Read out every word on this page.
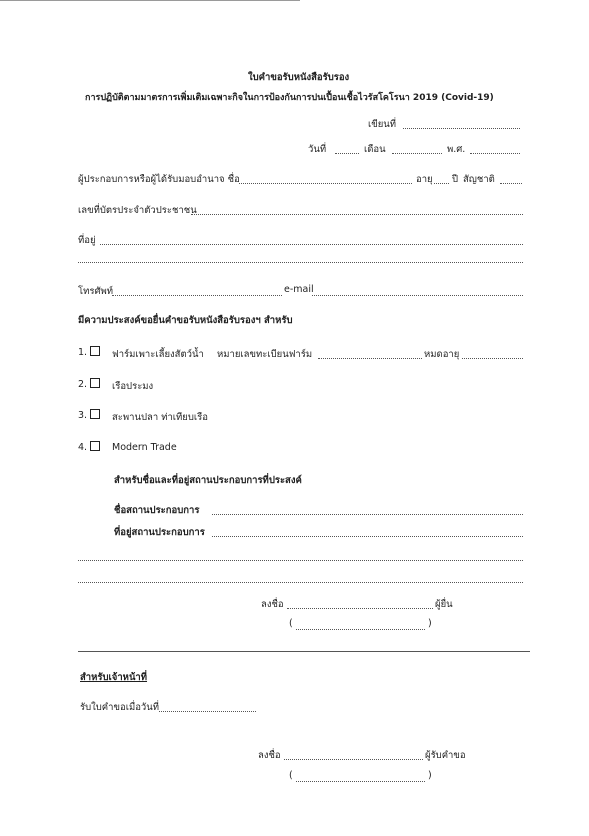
ใบคำขอรับหนังสือรับรอง
การปฏิบัติตามมาตรการเพิ่มเติมเฉพาะกิจในการป้องกันการปนเปื้อนเชื้อไวรัสโคโรนา 2019 (Covid-19)
เขียนที่
วันที่	เดือน	พ.ศ.
ผู้ประกอบการหรือผู้ได้รับมอบอำนาจ ชื่อ	อายุ ปี สัญชาติ
เลขที่บัตรประจำตัวประชาชน
ที่อยู่
โทรศัพท์	e-mail
มีความประสงค์ขอยื่นคำขอรับหนังสือรับรองฯ สำหรับ
1.	ฟาร์มเพาะเลี้ยงสัตว์น้ำ หมายเลขทะเบียนฟาร์ม	หมดอายุ
2.	เรือประมง
3.	สะพานปลา ท่าเทียบเรือ
4.	Modern Trade
สำหรับชื่อและที่อยู่สถานประกอบการที่ประสงค์
ชื่อสถานประกอบการ
ที่อยู่สถานประกอบการ
ลงชื่อ	ผู้ยื่น
(	)
สำหรับเจ้าหน้าที่
รับใบคำขอเมื่อวันที่
ลงชื่อ	ผู้รับคำขอ
(	)
